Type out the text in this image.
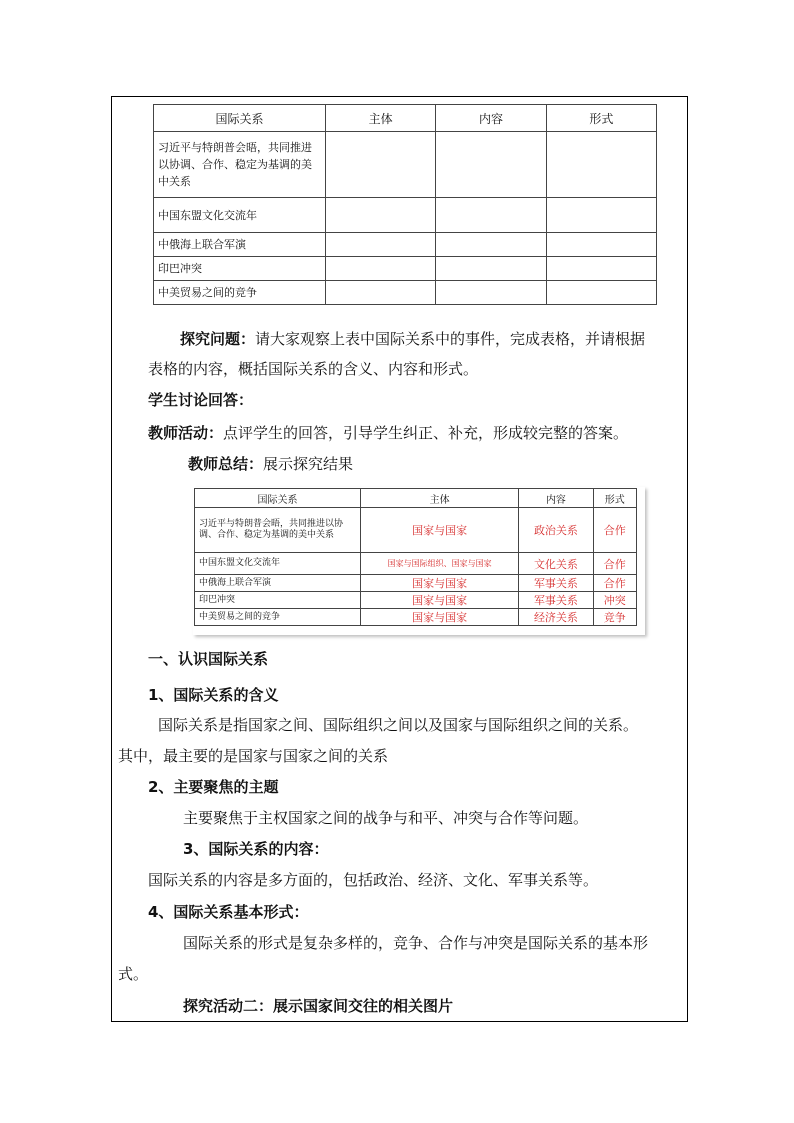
国际关系	主体	内容	形式
习近平与特朗普会晤，共同推进以协调、合作、稳定为基调的美中关系			
中国东盟文化交流年			
中俄海上联合军演			
印巴冲突			
中美贸易之间的竞争			
探究问题：请大家观察上表中国际关系中的事件，完成表格，并请根据
表格的内容，概括国际关系的含义、内容和形式。
学生讨论回答：
教师活动：点评学生的回答，引导学生纠正、补充，形成较完整的答案。
教师总结：展示探究结果
国际关系	主体	内容	形式
习近平与特朗普会晤，共同推进以协调、合作、稳定为基调的美中关系	国家与国家	政治关系	合作
中国东盟文化交流年	国家与国际组织、国家与国家	文化关系	合作
中俄海上联合军演	国家与国家	军事关系	合作
印巴冲突	国家与国家	军事关系	冲突
中美贸易之间的竞争	国家与国家	经济关系	竞争
一、认识国际关系
1、国际关系的含义
国际关系是指国家之间、国际组织之间以及国家与国际组织之间的关系。
其中，最主要的是国家与国家之间的关系
2、主要聚焦的主题
主要聚焦于主权国家之间的战争与和平、冲突与合作等问题。
3、国际关系的内容：
国际关系的内容是多方面的，包括政治、经济、文化、军事关系等。
4、国际关系基本形式：
国际关系的形式是复杂多样的，竞争、合作与冲突是国际关系的基本形
式。
探究活动二：展示国家间交往的相关图片
